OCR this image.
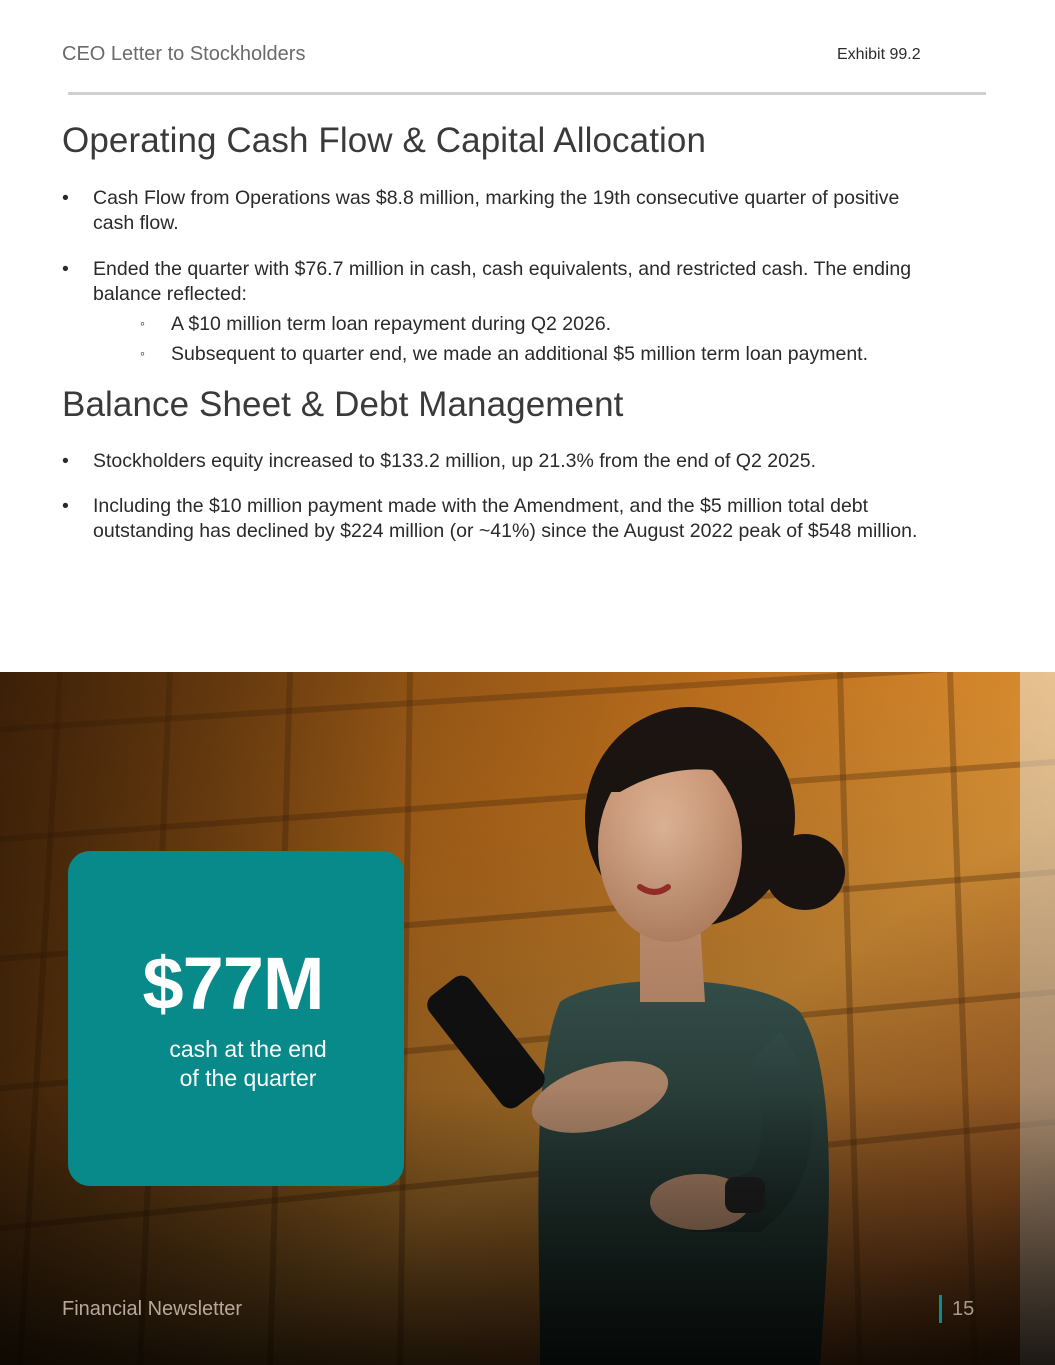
CEO Letter to Stockholders	Exhibit 99.2
Operating Cash Flow & Capital Allocation
• Cash Flow from Operations was $8.8 million, marking the 19th consecutive quarter of positive cash flow.
• Ended the quarter with $76.7 million in cash, cash equivalents, and restricted cash. The ending balance reflected:
◦ A $10 million term loan repayment during Q2 2026.
◦ Subsequent to quarter end, we made an additional $5 million term loan payment.
Balance Sheet & Debt Management
• Stockholders equity increased to $133.2 million, up 21.3% from the end of Q2 2025.
• Including the $10 million payment made with the Amendment, and the $5 million total debt outstanding has declined by $224 million (or ~41%) since the August 2022 peak of $548 million.
$77M
cash at the end
of the quarter
Financial Newsletter	15
